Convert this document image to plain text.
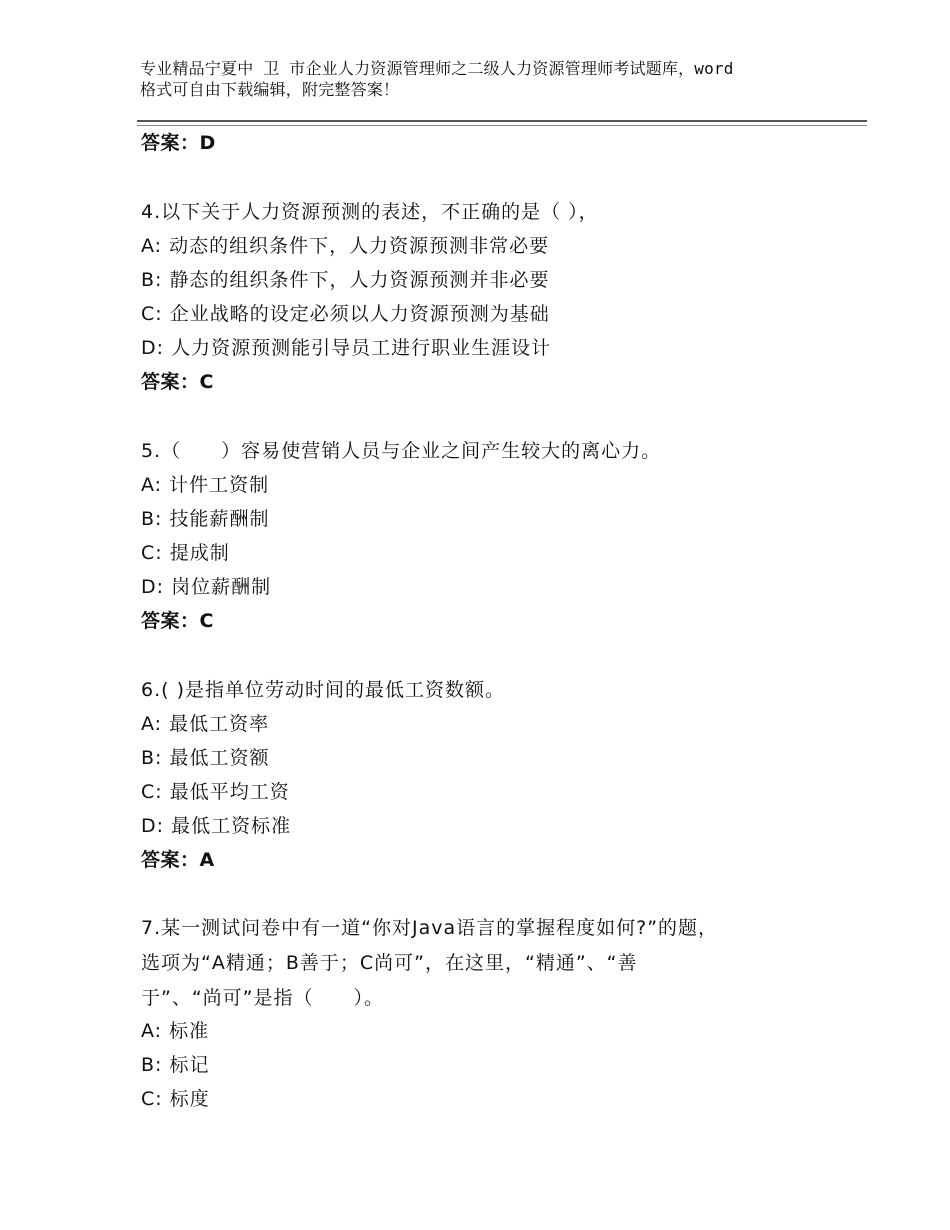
专业精品宁夏中 卫 市企业人力资源管理师之二级人力资源管理师考试题库，word
格式可自由下载编辑，附完整答案！
答案：D
4.以下关于人力资源预测的表述，不正确的是（ ），
A: 动态的组织条件下，人力资源预测非常必要
B: 静态的组织条件下，人力资源预测并非必要
C: 企业战略的设定必须以人力资源预测为基础
D: 人力资源预测能引导员工进行职业生涯设计
答案：C
5.（　　）容易使营销人员与企业之间产生较大的离心力。
A: 计件工资制
B: 技能薪酬制
C: 提成制
D: 岗位薪酬制
答案：C
6.( )是指单位劳动时间的最低工资数额。
A: 最低工资率
B: 最低工资额
C: 最低平均工资
D: 最低工资标准
答案：A
7.某一测试问卷中有一道“你对Java语言的掌握程度如何?”的题，
选项为“A精通；B善于；C尚可”，在这里，“精通”、“善
于”、“尚可”是指（　　）。
A: 标准
B: 标记
C: 标度
